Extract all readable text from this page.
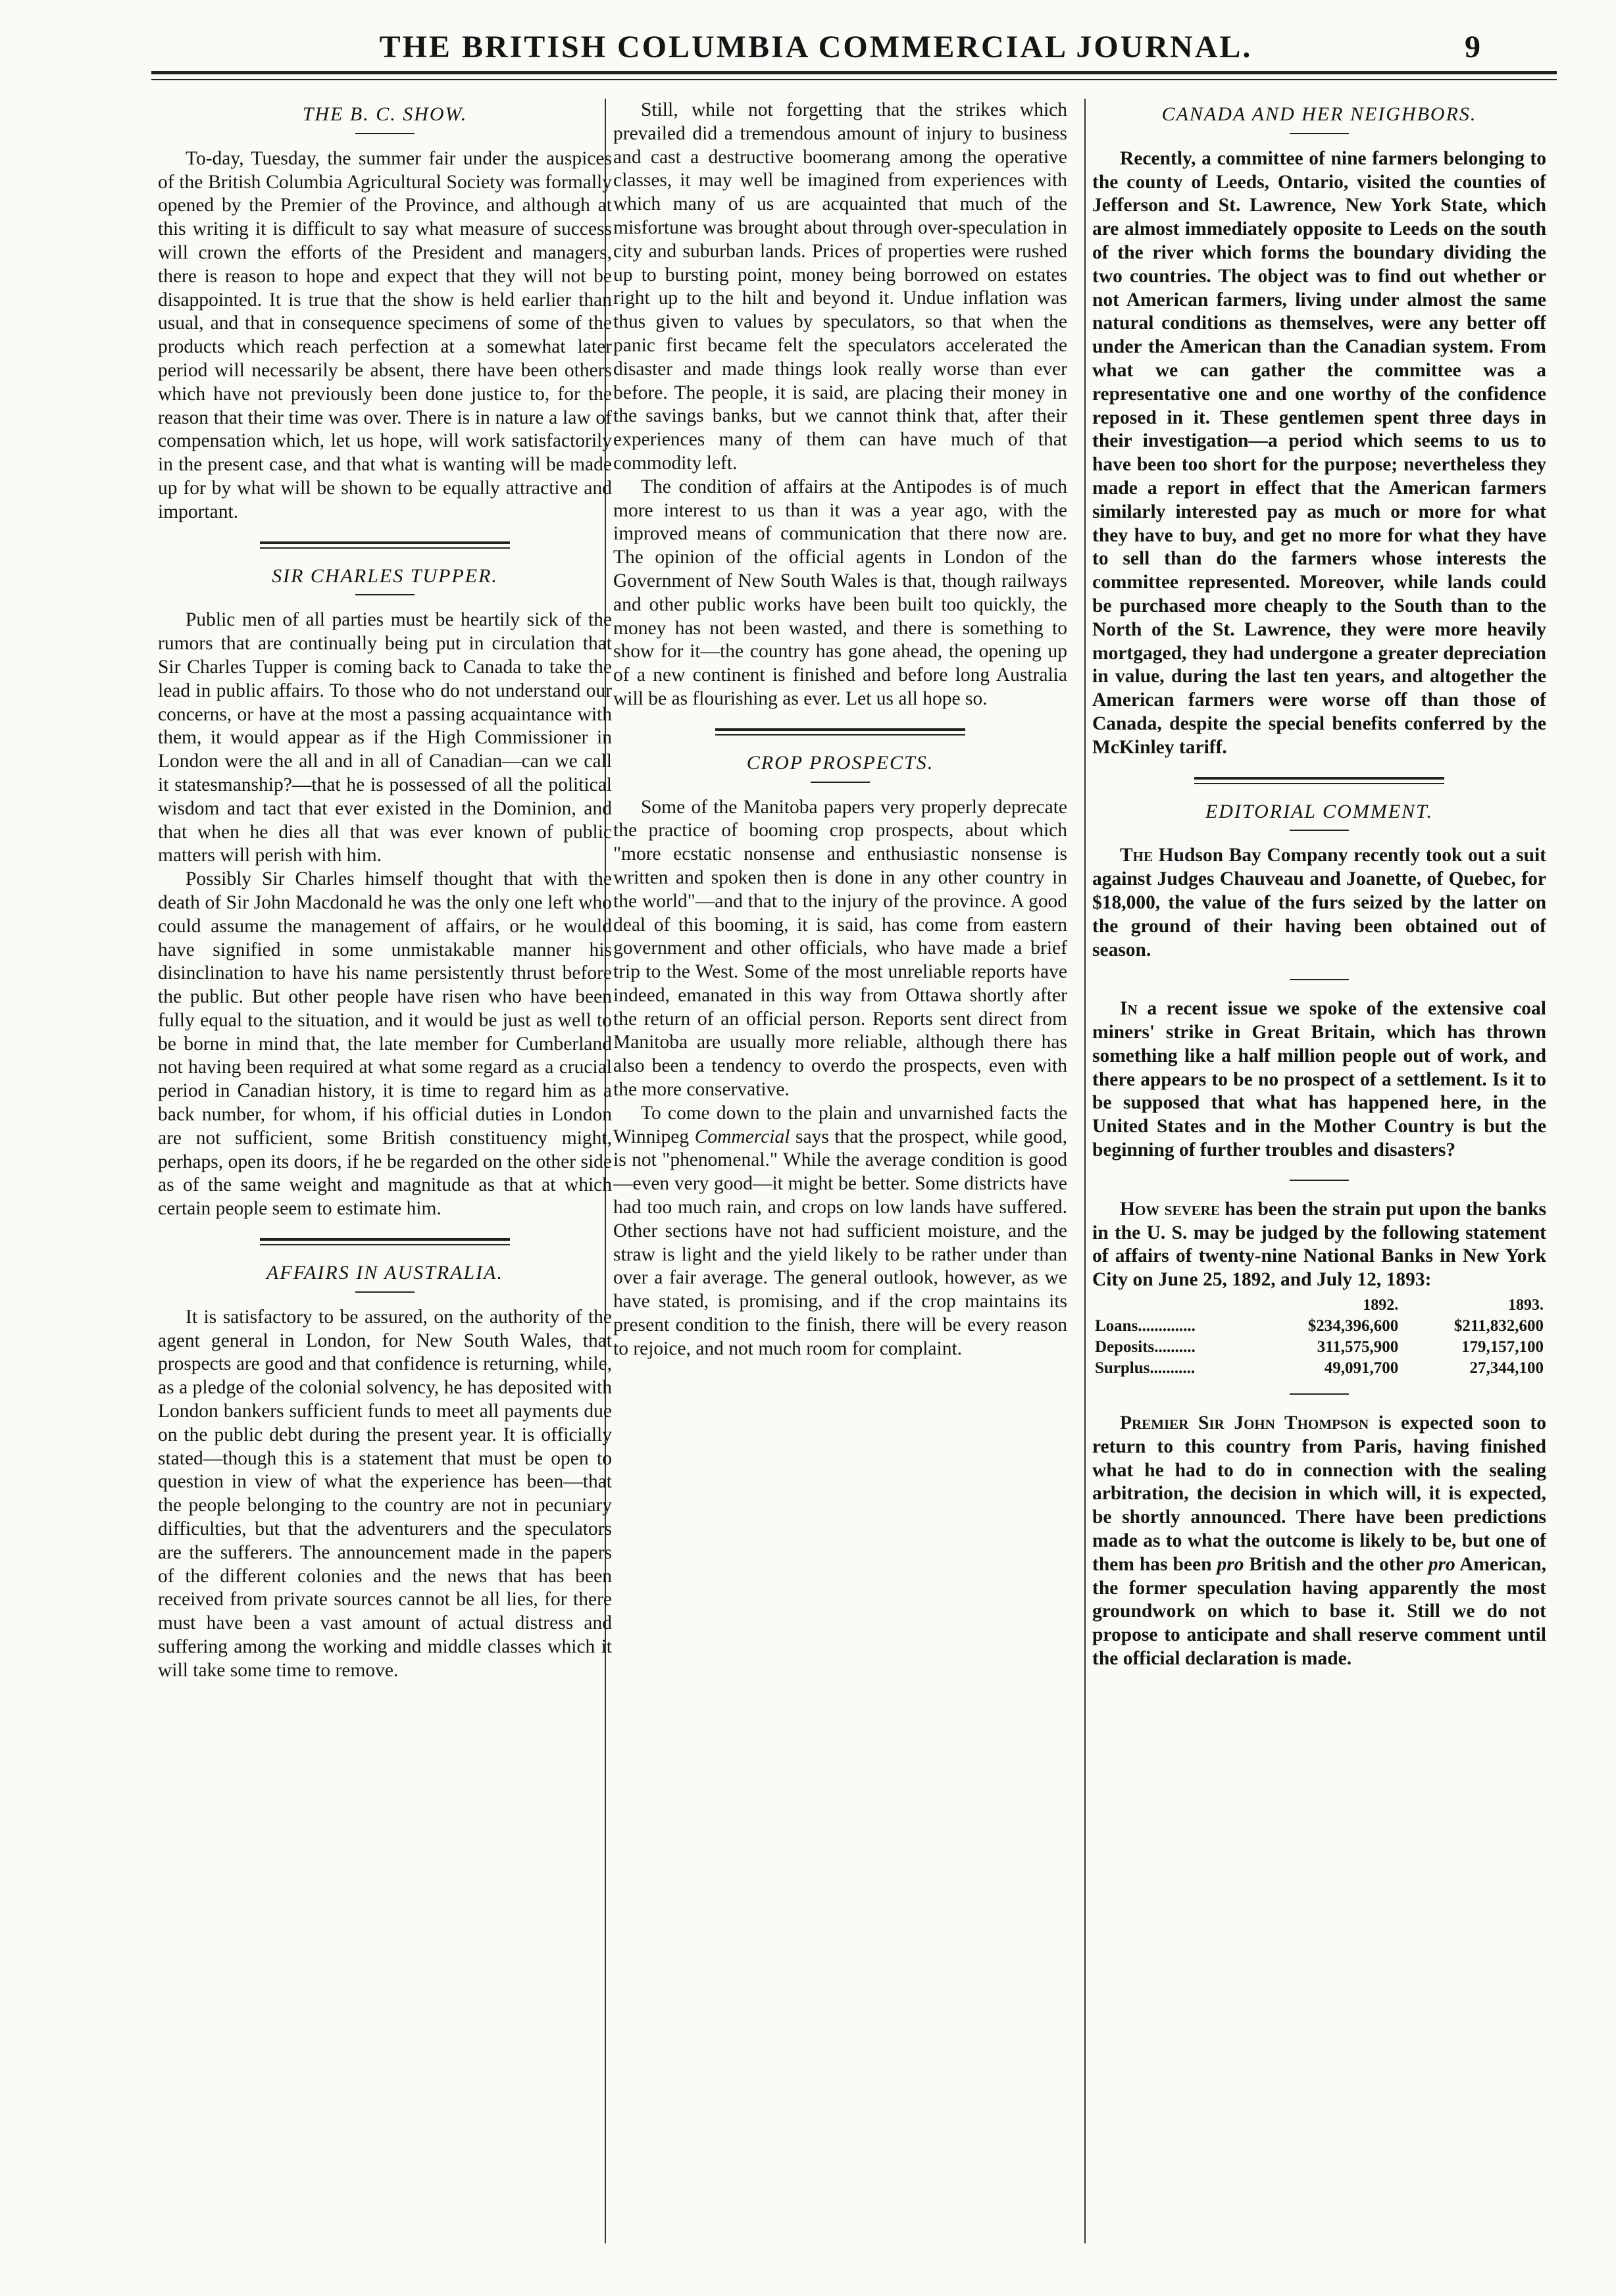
THE BRITISH COLUMBIA COMMERCIAL JOURNAL.	9
THE B. C. SHOW.

To-day, Tuesday, the summer fair under the auspices of the British Columbia Agricultural Society was formally opened by the Premier of the Province, and although at this writing it is difficult to say what measure of success will crown the efforts of the President and managers, there is reason to hope and expect that they will not be disappointed. It is true that the show is held earlier than usual, and that in consequence specimens of some of the products which reach perfection at a somewhat later period will necessarily be absent, there have been others which have not previously been done justice to, for the reason that their time was over. There is in nature a law of compensation which, let us hope, will work satisfactorily in the present case, and that what is wanting will be made up for by what will be shown to be equally attractive and important.

SIR CHARLES TUPPER.

Public men of all parties must be heartily sick of the rumors that are continually being put in circulation that Sir Charles Tupper is coming back to Canada to take the lead in public affairs. To those who do not understand our concerns, or have at the most a passing acquaintance with them, it would appear as if the High Commissioner in London were the all and in all of Canadian—can we call it statesmanship?—that he is possessed of all the political wisdom and tact that ever existed in the Dominion, and that when he dies all that was ever known of public matters will perish with him.

Possibly Sir Charles himself thought that with the death of Sir John Macdonald he was the only one left who could assume the management of affairs, or he would have signified in some unmistakable manner his disinclination to have his name persistently thrust before the public. But other people have risen who have been fully equal to the situation, and it would be just as well to be borne in mind that, the late member for Cumberland not having been required at what some regard as a crucial period in Canadian history, it is time to regard him as a back number, for whom, if his official duties in London are not sufficient, some British constituency might, perhaps, open its doors, if he be regarded on the other side as of the same weight and magnitude as that at which certain people seem to estimate him.

AFFAIRS IN AUSTRALIA.

It is satisfactory to be assured, on the authority of the agent general in London, for New South Wales, that prospects are good and that confidence is returning, while, as a pledge of the colonial solvency, he has deposited with London bankers sufficient funds to meet all payments due on the public debt during the present year. It is officially stated—though this is a statement that must be open to question in view of what the experience has been—that the people belonging to the country are not in pecuniary difficulties, but that the adventurers and the speculators are the sufferers. The announcement made in the papers of the different colonies and the news that has been received from private sources cannot be all lies, for there must have been a vast amount of actual distress and suffering among the working and middle classes which it will take some time to remove.

Still, while not forgetting that the strikes which prevailed did a tremendous amount of injury to business and cast a destructive boomerang among the operative classes, it may well be imagined from experiences with which many of us are acquainted that much of the misfortune was brought about through over-speculation in city and suburban lands. Prices of properties were rushed up to bursting point, money being borrowed on estates right up to the hilt and beyond it. Undue inflation was thus given to values by speculators, so that when the panic first became felt the speculators accelerated the disaster and made things look really worse than ever before. The people, it is said, are placing their money in the savings banks, but we cannot think that, after their experiences many of them can have much of that commodity left.

The condition of affairs at the Antipodes is of much more interest to us than it was a year ago, with the improved means of communication that there now are. The opinion of the official agents in London of the Government of New South Wales is that, though railways and other public works have been built too quickly, the money has not been wasted, and there is something to show for it—the country has gone ahead, the opening up of a new continent is finished and before long Australia will be as flourishing as ever. Let us all hope so.

CROP PROSPECTS.

Some of the Manitoba papers very properly deprecate the practice of booming crop prospects, about which "more ecstatic nonsense and enthusiastic nonsense is written and spoken then is done in any other country in the world"—and that to the injury of the province. A good deal of this booming, it is said, has come from eastern government and other officials, who have made a brief trip to the West. Some of the most unreliable reports have indeed, emanated in this way from Ottawa shortly after the return of an official person. Reports sent direct from Manitoba are usually more reliable, although there has also been a tendency to overdo the prospects, even with the more conservative.

To come down to the plain and unvarnished facts the Winnipeg Commercial says that the prospect, while good, is not "phenomenal." While the average condition is good—even very good—it might be better. Some districts have had too much rain, and crops on low lands have suffered. Other sections have not had sufficient moisture, and the straw is light and the yield likely to be rather under than over a fair average. The general outlook, however, as we have stated, is promising, and if the crop maintains its present condition to the finish, there will be every reason to rejoice, and not much room for complaint.

CANADA AND HER NEIGHBORS.

Recently, a committee of nine farmers belonging to the county of Leeds, Ontario, visited the counties of Jefferson and St. Lawrence, New York State, which are almost immediately opposite to Leeds on the south of the river which forms the boundary dividing the two countries. The object was to find out whether or not American farmers, living under almost the same natural conditions as themselves, were any better off under the American than the Canadian system. From what we can gather the committee was a representative one and one worthy of the confidence reposed in it. These gentlemen spent three days in their investigation—a period which seems to us to have been too short for the purpose; nevertheless they made a report in effect that the American farmers similarly interested pay as much or more for what they have to buy, and get no more for what they have to sell than do the farmers whose interests the committee represented. Moreover, while lands could be purchased more cheaply to the South than to the North of the St. Lawrence, they were more heavily mortgaged, they had undergone a greater depreciation in value, during the last ten years, and altogether the American farmers were worse off than those of Canada, despite the special benefits conferred by the McKinley tariff.

EDITORIAL COMMENT.

The Hudson Bay Company recently took out a suit against Judges Chauveau and Joanette, of Quebec, for $18,000, the value of the furs seized by the latter on the ground of their having been obtained out of season.

In a recent issue we spoke of the extensive coal miners' strike in Great Britain, which has thrown something like a half million people out of work, and there appears to be no prospect of a settlement. Is it to be supposed that what has happened here, in the United States and in the Mother Country is but the beginning of further troubles and disasters?

How severe has been the strain put upon the banks in the U. S. may be judged by the following statement of affairs of twenty-nine National Banks in New York City on June 25, 1892, and July 12, 1893:

	1892.	1893.
Loans..............	$234,396,600	$211,832,600
Deposits..........	311,575,900	179,157,100
Surplus...........	49,091,700	27,344,100

Premier Sir John Thompson is expected soon to return to this country from Paris, having finished what he had to do in connection with the sealing arbitration, the decision in which will, it is expected, be shortly announced. There have been predictions made as to what the outcome is likely to be, but one of them has been pro British and the other pro American, the former speculation having apparently the most groundwork on which to base it. Still we do not propose to anticipate and shall reserve comment until the official declaration is made.
